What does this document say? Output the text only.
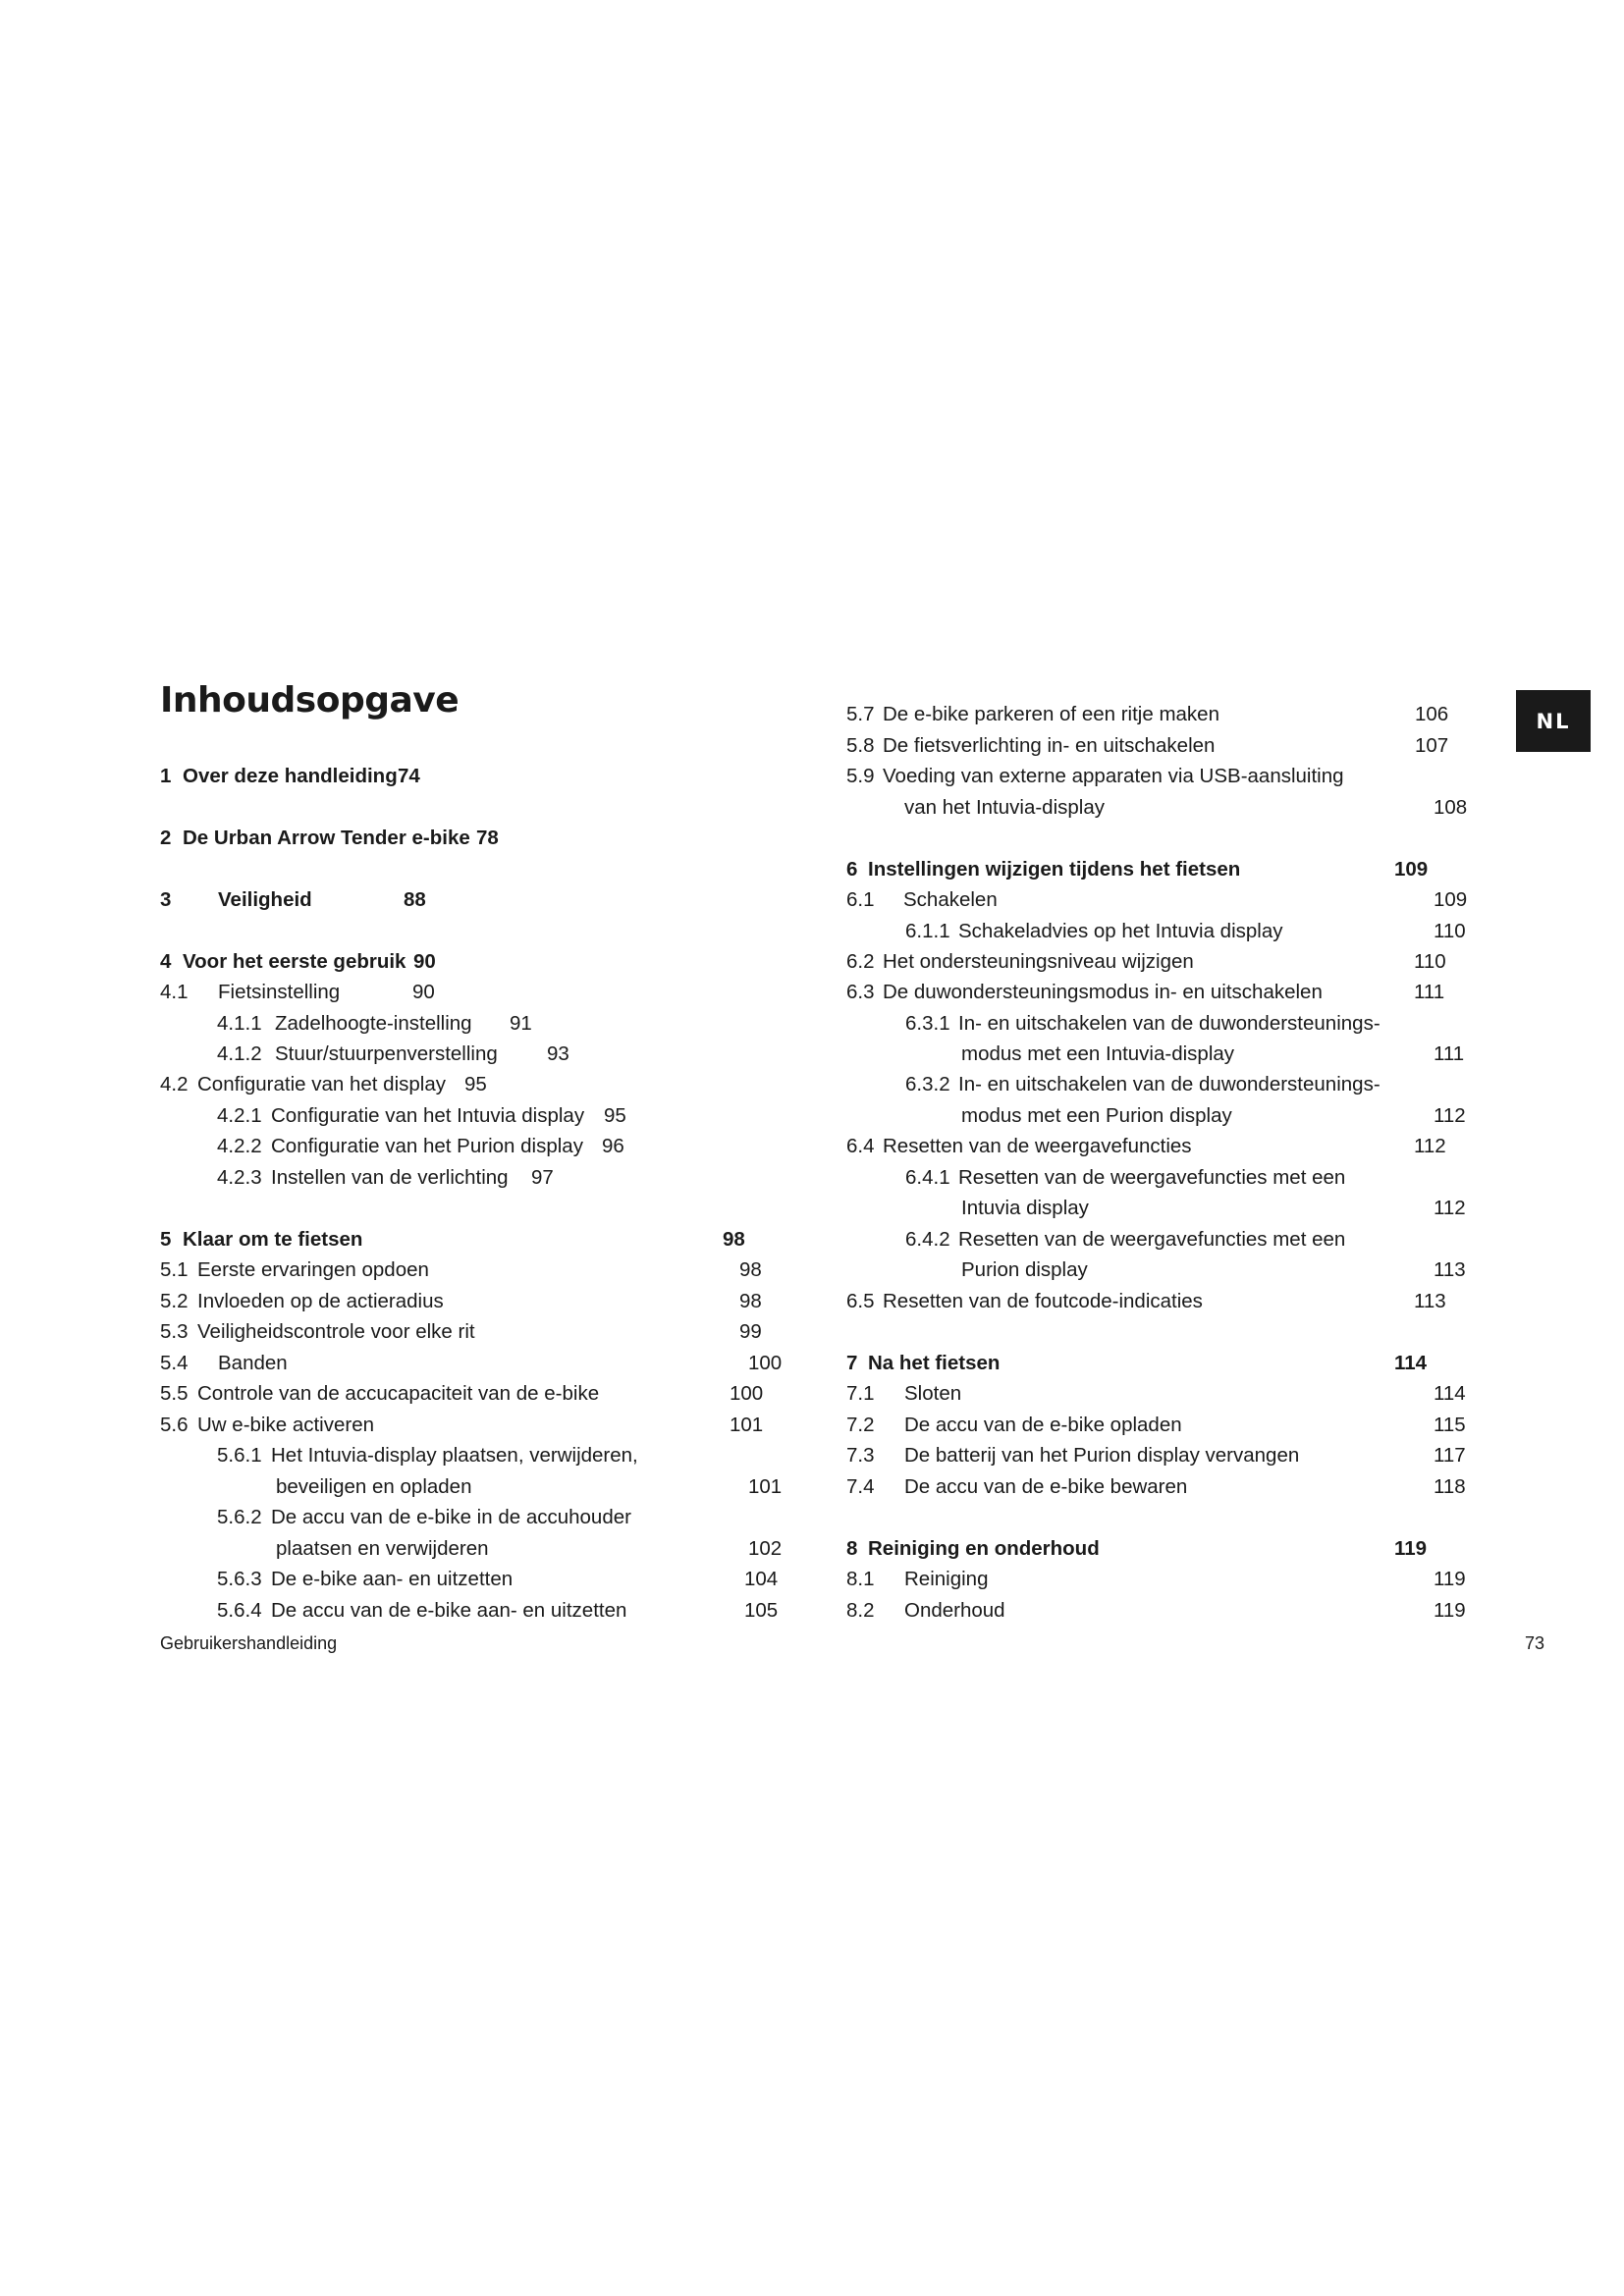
Inhoudsopgave
NL
1 Over deze handleiding 74
2 De Urban Arrow Tender e-bike 78
3 Veiligheid	88
4 Voor het eerste gebruik 90
4.1 Fietsinstelling	90
4.1.1 Zadelhoogte-instelling 91
4.1.2 Stuur/stuurpenverstelling 93
4.2 Configuratie van het display 95
4.2.1 Configuratie van het Intuvia display 95
4.2.2 Configuratie van het Purion display 96
4.2.3 Instellen van de verlichting 97
5 Klaar om te fietsen	98
5.1 Eerste ervaringen opdoen	98
5.2 Invloeden op de actieradius	98
5.3 Veiligheidscontrole voor elke rit	99
5.4 Banden	100
5.5 Controle van de accucapaciteit van de e-bike	100
5.6 Uw e-bike activeren	101
5.6.1 Het Intuvia-display plaatsen, verwijderen,
beveiligen en opladen	101
5.6.2 De accu van de e-bike in de accuhouder
plaatsen en verwijderen	102
5.6.3 De e-bike aan- en uitzetten	104
5.6.4 De accu van de e-bike aan- en uitzetten	105
5.7 De e-bike parkeren of een ritje maken	106
5.8 De fietsverlichting in- en uitschakelen	107
5.9 Voeding van externe apparaten via USB-aansluiting
van het Intuvia-display	108
6 Instellingen wijzigen tijdens het fietsen	109
6.1 Schakelen	109
6.1.1 Schakeladvies op het Intuvia display	110
6.2 Het ondersteuningsniveau wijzigen	110
6.3 De duwondersteuningsmodus in- en uitschakelen	111
6.3.1 In- en uitschakelen van de duwondersteunings-
modus met een Intuvia-display	111
6.3.2 In- en uitschakelen van de duwondersteunings-
modus met een Purion display	112
6.4 Resetten van de weergavefuncties	112
6.4.1 Resetten van de weergavefuncties met een
Intuvia display	112
6.4.2 Resetten van de weergavefuncties met een
Purion display	113
6.5 Resetten van de foutcode-indicaties	113
7 Na het fietsen	114
7.1 Sloten	114
7.2 De accu van de e-bike opladen	115
7.3 De batterij van het Purion display vervangen	117
7.4 De accu van de e-bike bewaren	118
8 Reiniging en onderhoud	119
8.1 Reiniging	119
8.2 Onderhoud	119
Gebruikershandleiding	73
